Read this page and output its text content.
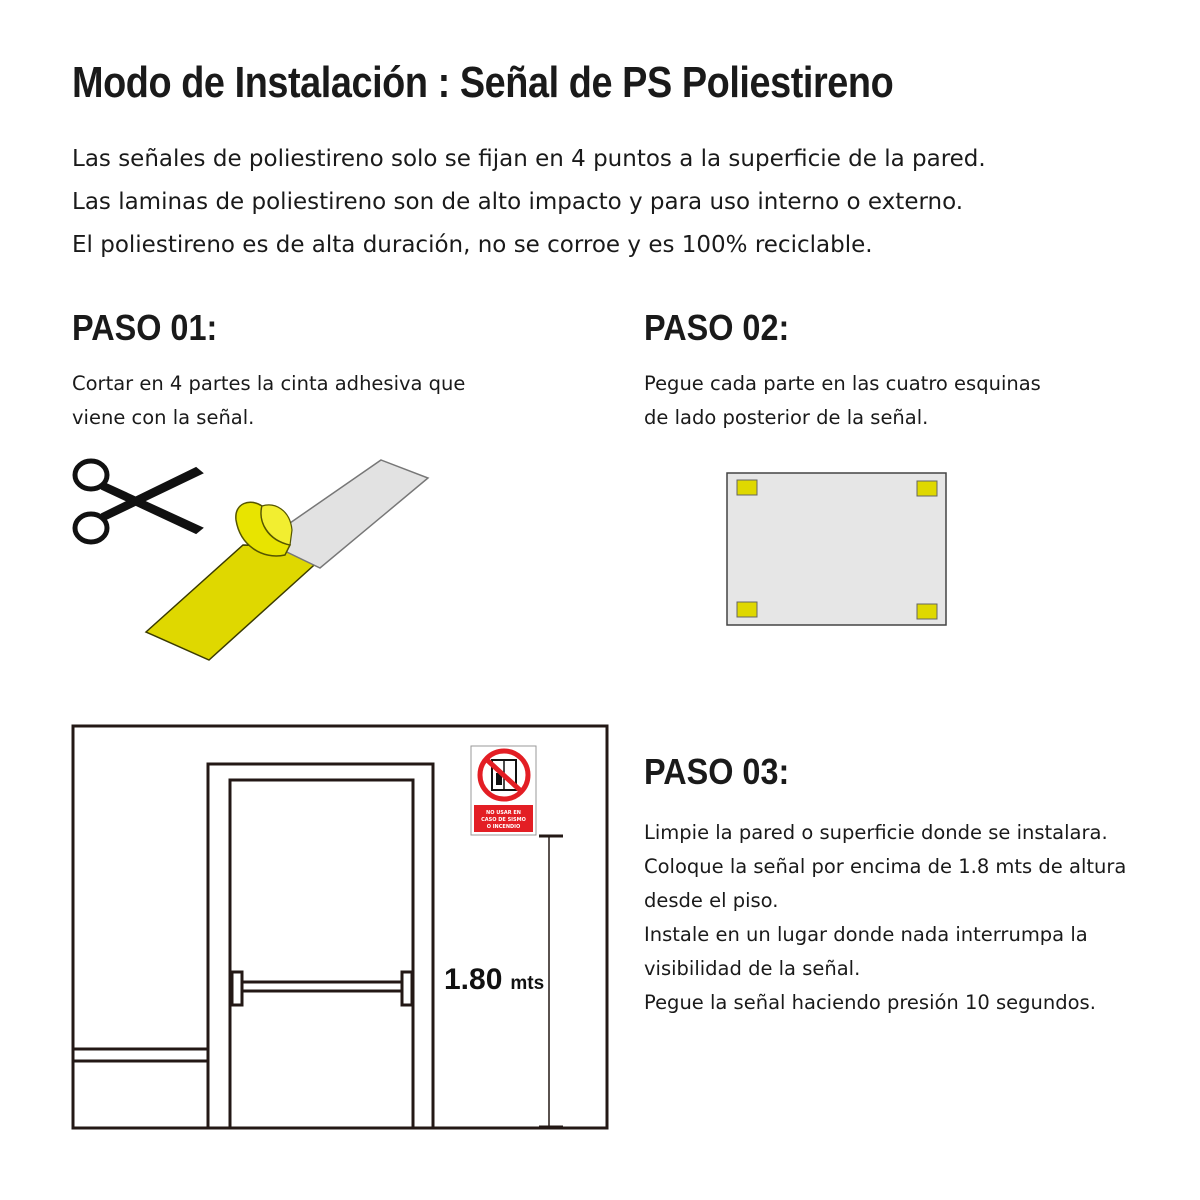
Modo de Instalación : Señal de PS Poliestireno
Las señales de poliestireno solo se fijan en 4 puntos a la superficie de la pared.
Las laminas de poliestireno son de alto impacto y para uso interno o externo.
El poliestireno es de alta duración, no se corroe y es 100% reciclable.
PASO 01:
Cortar en 4 partes la cinta adhesiva que
viene con la señal.
PASO 02:
Pegue cada parte en las cuatro esquinas
de lado posterior de la señal.
PASO 03:
Limpie la pared o superficie donde se instalara.
Coloque la señal por encima de 1.8 mts de altura
desde el piso.
Instale en un lugar donde nada interrumpa la
visibilidad de la señal.
Pegue la señal haciendo presión 10 segundos.
1.80 mts
NO USAR EN
CASO DE SISMO
O INCENDIO
